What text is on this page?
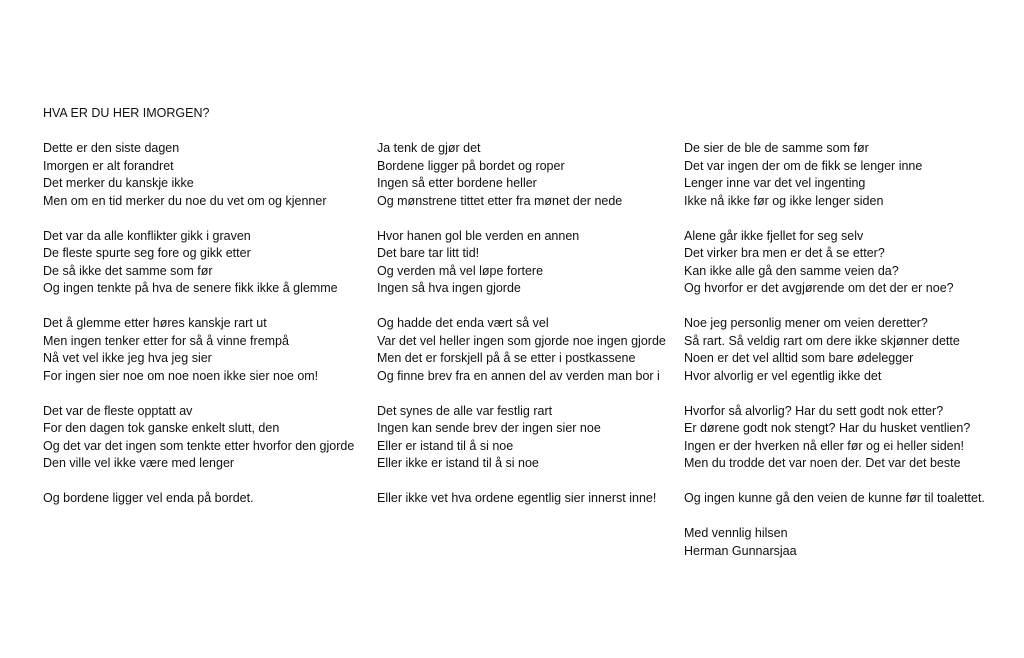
HVA ER DU HER IMORGEN?
Dette er den siste dagen
Imorgen er alt forandret
Det merker du kanskje ikke
Men om en tid merker du noe du vet om og kjenner
Det var da alle konflikter gikk i graven
De fleste spurte seg fore og gikk etter
De så ikke det samme som før
Og ingen tenkte på hva de senere fikk ikke å glemme
Det å glemme etter høres kanskje rart ut
Men ingen tenker etter for så å vinne frempå
Nå vet vel ikke jeg hva jeg sier
For ingen sier noe om noe noen ikke sier noe om!
Det var de fleste opptatt av
For den dagen tok ganske enkelt slutt, den
Og det var det ingen som tenkte etter hvorfor den gjorde
Den ville vel ikke være med lenger
Og bordene ligger vel enda på bordet.
Ja tenk de gjør det
Bordene ligger på bordet og roper
Ingen så etter bordene heller
Og mønstrene tittet etter fra mønet der nede
Hvor hanen gol ble verden en annen
Det bare tar litt tid!
Og verden må vel løpe fortere
Ingen så hva ingen gjorde
Og hadde det enda vært så vel
Var det vel heller ingen som gjorde noe ingen gjorde
Men det er forskjell på å se etter i postkassene
Og finne brev fra en annen del av verden man bor i
Det synes de alle var festlig rart
Ingen kan sende brev der ingen sier noe
Eller er istand til å si noe
Eller ikke er istand til å si noe
Eller ikke vet hva ordene egentlig sier innerst inne!
De sier de ble de samme som før
Det var ingen der om de fikk se lenger inne
Lenger inne var det vel ingenting
Ikke nå ikke før og ikke lenger siden
Alene går ikke fjellet for seg selv
Det virker bra men er det å se etter?
Kan ikke alle gå den samme veien da?
Og hvorfor er det avgjørende om det der er noe?
Noe jeg personlig mener om veien deretter?
Så rart. Så veldig rart om dere ikke skjønner dette
Noen er det vel alltid som bare ødelegger
Hvor alvorlig er vel egentlig ikke det
Hvorfor så alvorlig? Har du sett godt nok etter?
Er dørene godt nok stengt? Har du husket ventlien?
Ingen er der hverken nå eller før og ei heller siden!
Men du trodde det var noen der. Det var det beste
Og ingen kunne gå den veien de kunne før til toalettet.
Med vennlig hilsen
Herman Gunnarsjaa
